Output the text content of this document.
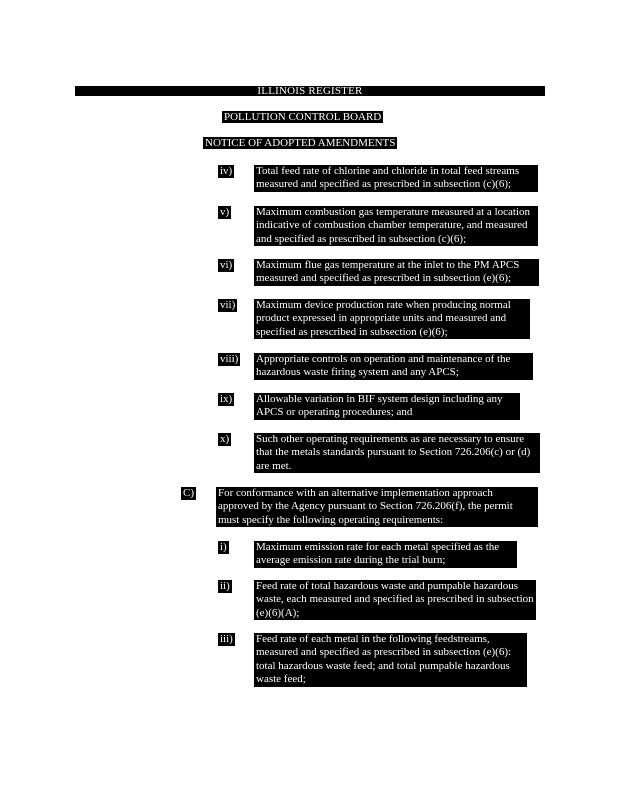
ILLINOIS REGISTER
POLLUTION CONTROL BOARD
NOTICE OF ADOPTED AMENDMENTS
iv) Total feed rate of chlorine and chloride in total feed streams measured and specified as prescribed in subsection (c)(6);
v) Maximum combustion gas temperature measured at a location indicative of combustion chamber temperature, and measured and specified as prescribed in subsection (c)(6);
vi) Maximum flue gas temperature at the inlet to the PM APCS measured and specified as prescribed in subsection (e)(6);
vii) Maximum device production rate when producing normal product expressed in appropriate units and measured and specified as prescribed in subsection (e)(6);
viii) Appropriate controls on operation and maintenance of the hazardous waste firing system and any APCS;
ix) Allowable variation in BIF system design including any APCS or operating procedures; and
x) Such other operating requirements as are necessary to ensure that the metals standards pursuant to Section 726.206(c) or (d) are met.
C) For conformance with an alternative implementation approach approved by the Agency pursuant to Section 726.206(f), the permit must specify the following operating requirements:
i)	Maximum emission rate for each metal specified as the average emission rate during the trial burn;
ii) Feed rate of total hazardous waste and pumpable hazardous waste, each measured and specified as prescribed in subsection (e)(6)(A);
iii) Feed rate of each metal in the following feedstreams, measured and specified as prescribed in subsection (e)(6): total hazardous waste feed; and total pumpable hazardous waste feed;
